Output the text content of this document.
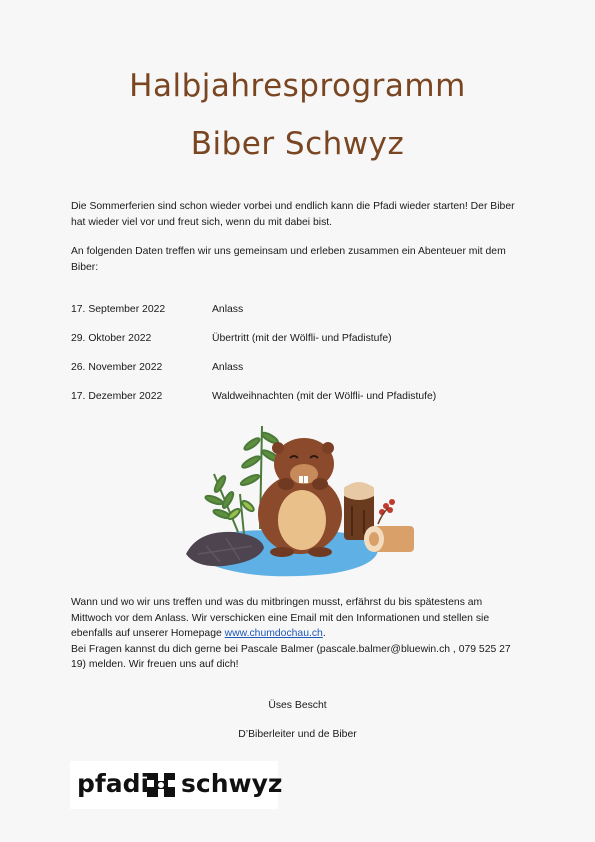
Halbjahresprogramm
Biber Schwyz
Die Sommerferien sind schon wieder vorbei und endlich kann die Pfadi wieder starten! Der Biber hat wieder viel vor und freut sich, wenn du mit dabei bist.
An folgenden Daten treffen wir uns gemeinsam und erleben zusammen ein Abenteuer mit dem Biber:
17. September 2022	Anlass
29. Oktober 2022	Übertritt (mit der Wölfli- und Pfadistufe)
26. November 2022	Anlass
17. Dezember 2022	Waldweihnachten (mit der Wölfli- und Pfadistufe)
Wann und wo wir uns treffen und was du mitbringen musst, erfährst du bis spätestens am Mittwoch vor dem Anlass. Wir verschicken eine Email mit den Informationen und stellen sie ebenfalls auf unserer Homepage www.chumdochau.ch.
Bei Fragen kannst du dich gerne bei Pascale Balmer (pascale.balmer@bluewin.ch , 079 525 27 19) melden. Wir freuen uns auf dich!
Üses Bescht
D’Biberleiter und de Biber
pfadi schwyz
